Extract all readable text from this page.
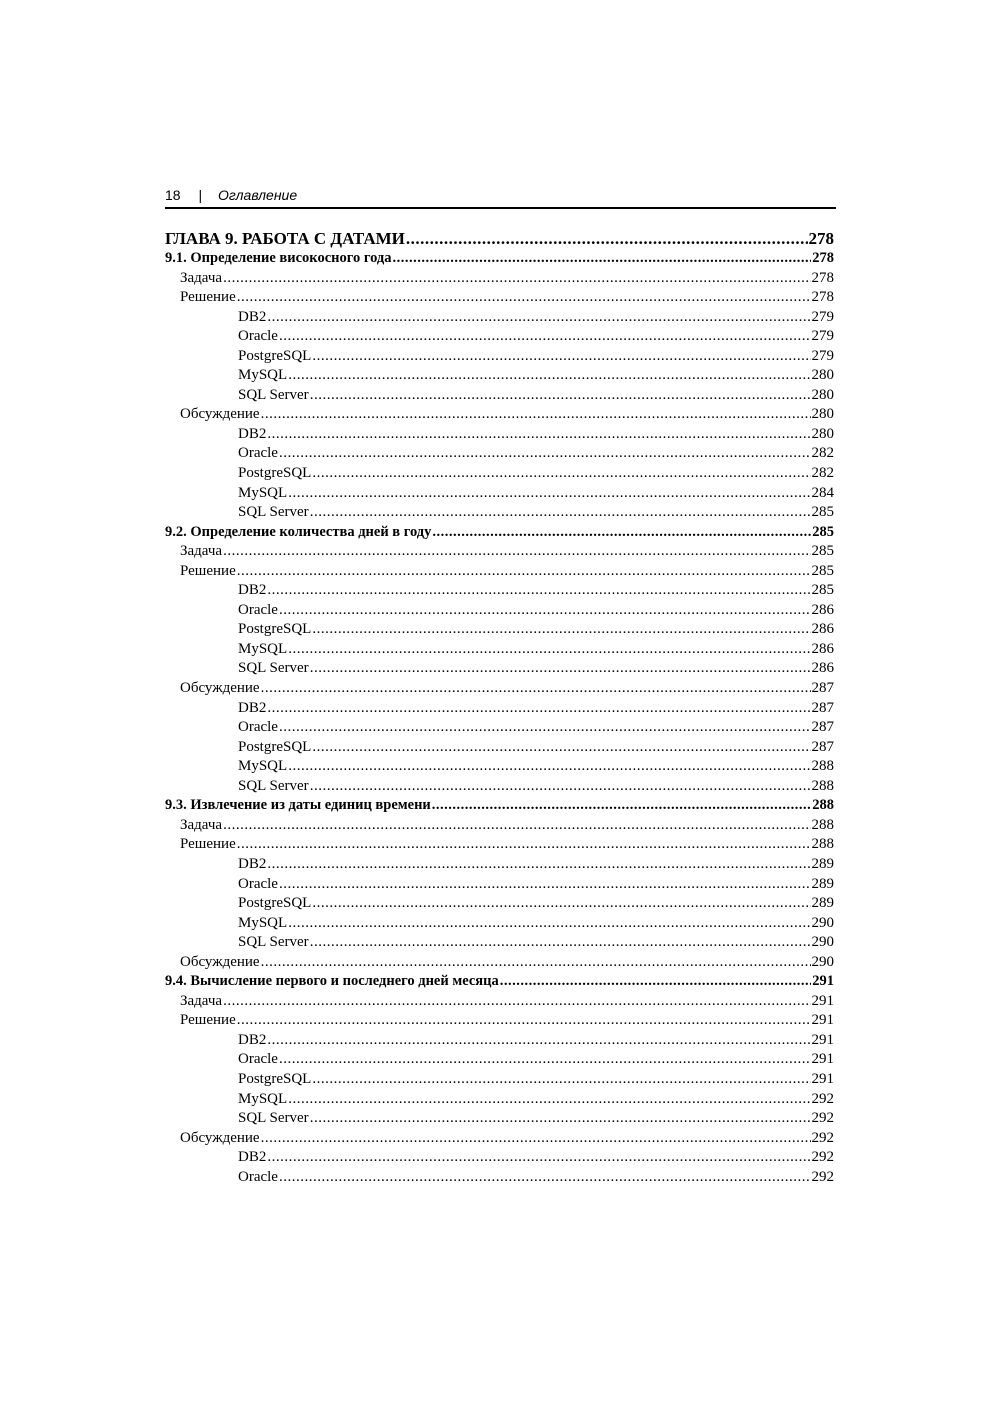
18 | Оглавление
ГЛАВА 9. РАБОТА С ДАТАМИ .....	278
9.1. Определение високосного года .....	278
Задача .....	278
Решение .....	278
DB2 .....	279
Oracle .....	279
PostgreSQL .....	279
MySQL .....	280
SQL Server .....	280
Обсуждение .....	280
DB2 .....	280
Oracle .....	282
PostgreSQL .....	282
MySQL .....	284
SQL Server .....	285
9.2. Определение количества дней в году .....	285
Задача .....	285
Решение .....	285
DB2 .....	285
Oracle .....	286
PostgreSQL .....	286
MySQL .....	286
SQL Server .....	286
Обсуждение .....	287
DB2 .....	287
Oracle .....	287
PostgreSQL .....	287
MySQL .....	288
SQL Server .....	288
9.3. Извлечение из даты единиц времени .....	288
Задача .....	288
Решение .....	288
DB2 .....	289
Oracle .....	289
PostgreSQL .....	289
MySQL .....	290
SQL Server .....	290
Обсуждение .....	290
9.4. Вычисление первого и последнего дней месяца .....	291
Задача .....	291
Решение .....	291
DB2 .....	291
Oracle .....	291
PostgreSQL .....	291
MySQL .....	292
SQL Server .....	292
Обсуждение .....	292
DB2 .....	292
Oracle .....	292
